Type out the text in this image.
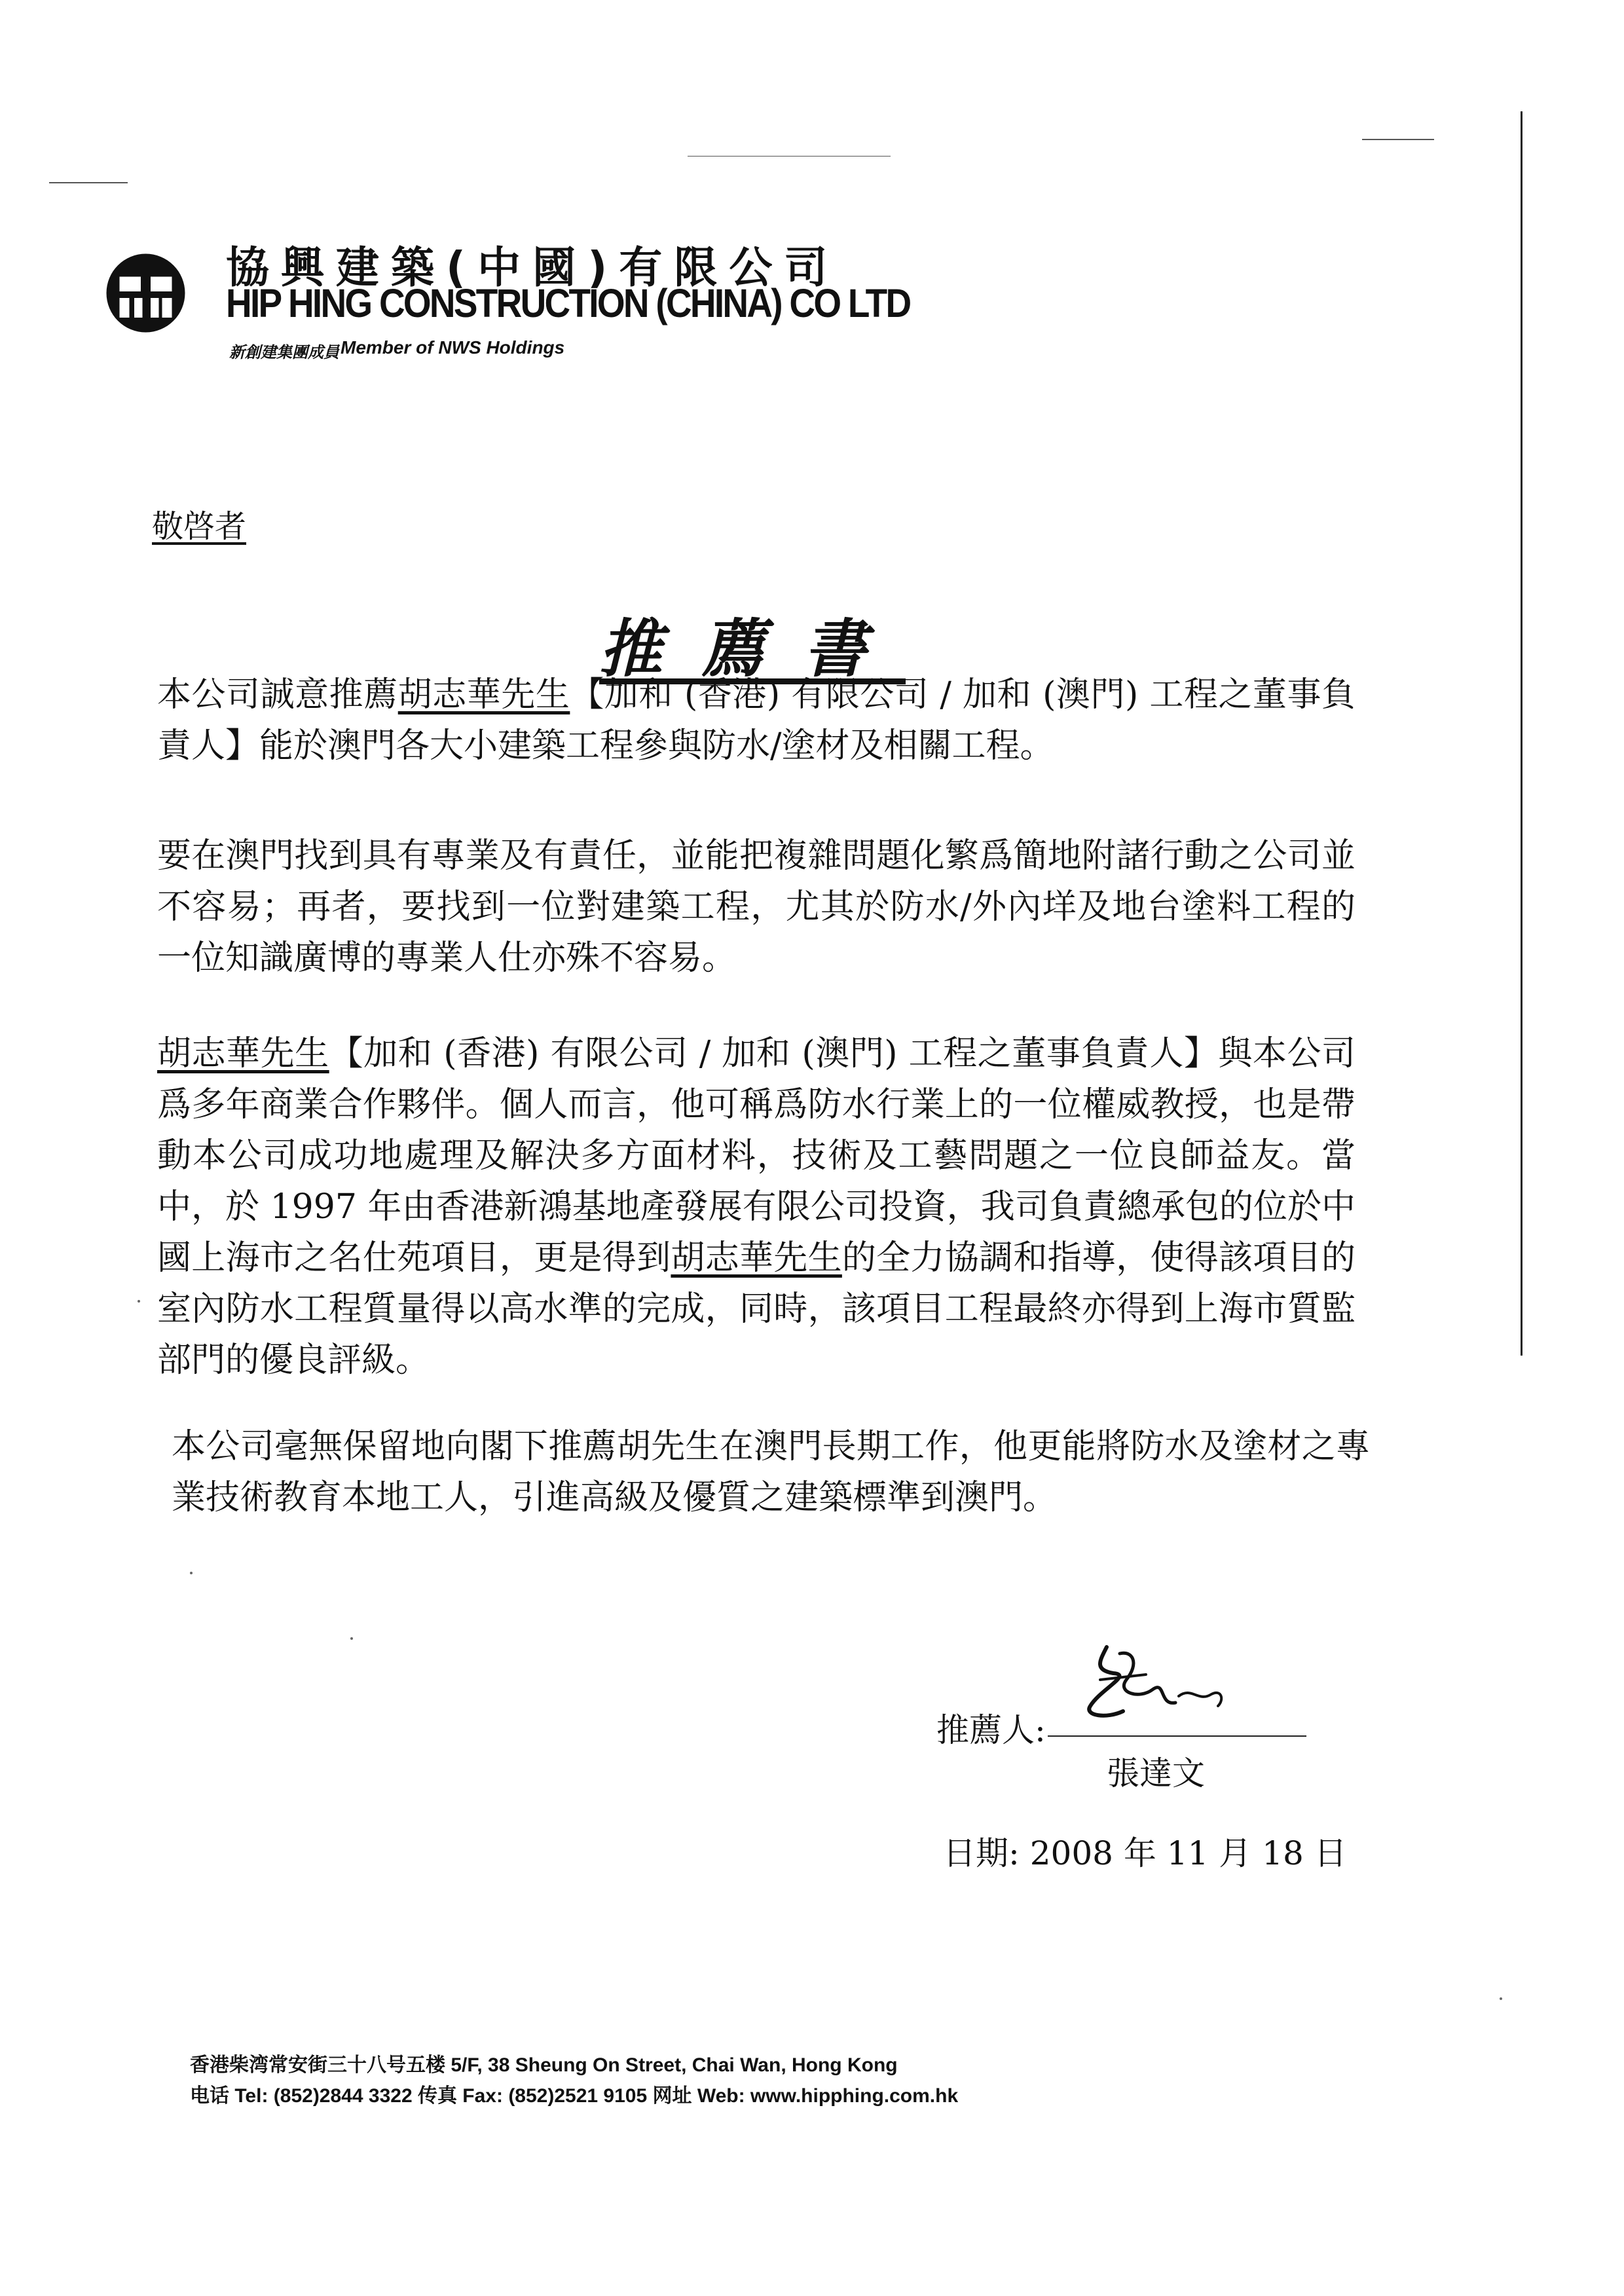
協興建築(中國)有限公司
HIP HING CONSTRUCTION (CHINA) CO LTD
新創建集團成員 Member of NWS Holdings
敬啓者
推薦書
本公司誠意推薦胡志華先生【加和 (香港) 有限公司 / 加和 (澳門) 工程之董事負責人】能於澳門各大小建築工程參與防水/塗材及相關工程。
要在澳門找到具有專業及有責任，並能把複雜問題化繁爲簡地附諸行動之公司並不容易；再者，要找到一位對建築工程，尤其於防水/外內垟及地台塗料工程的一位知識廣博的專業人仕亦殊不容易。
胡志華先生【加和 (香港) 有限公司 / 加和 (澳門) 工程之董事負責人】與本公司爲多年商業合作夥伴。個人而言，他可稱爲防水行業上的一位權威教授，也是帶動本公司成功地處理及解決多方面材料，技術及工藝問題之一位良師益友。當中，於 1997 年由香港新鴻基地產發展有限公司投資，我司負責總承包的位於中國上海市之名仕苑項目，更是得到胡志華先生的全力協調和指導，使得該項目的室內防水工程質量得以高水準的完成，同時，該項目工程最終亦得到上海市質監部門的優良評級。
本公司毫無保留地向閣下推薦胡先生在澳門長期工作，他更能將防水及塗材之專業技術教育本地工人，引進高級及優質之建築標準到澳門。
推薦人:
張達文
日期: 2008 年 11 月 18 日
香港柴湾常安街三十八号五楼 5/F, 38 Sheung On Street, Chai Wan, Hong Kong
电话 Tel: (852)2844 3322 传真 Fax: (852)2521 9105 网址 Web: www.hipphing.com.hk
